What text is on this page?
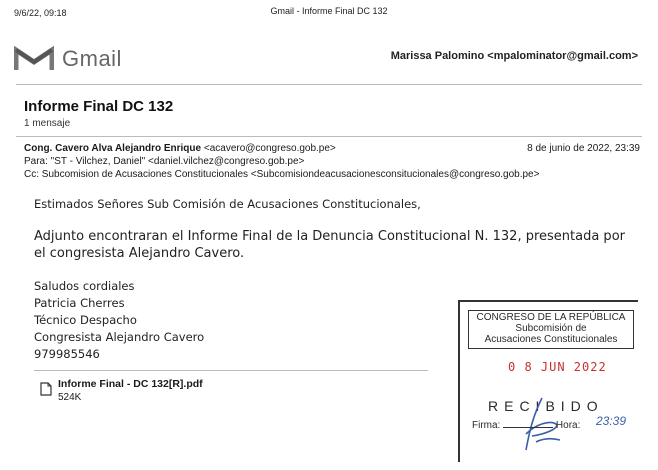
9/6/22, 09:18	Gmail - Informe Final DC 132
Gmail	Marissa Palomino <mpalominator@gmail.com>
Informe Final DC 132
1 mensaje
Cong. Cavero Alva Alejandro Enrique <acavero@congreso.gob.pe>	8 de junio de 2022, 23:39
Para: "ST - Vilchez, Daniel" <daniel.vilchez@congreso.gob.pe>
Cc: Subcomision de Acusaciones Constitucionales <Subcomisiondeacusacionesconsitucionales@congreso.gob.pe>
Estimados Señores Sub Comisión de Acusaciones Constitucionales,
Adjunto encontraran el Informe Final de la Denuncia Constitucional N. 132, presentada por el congresista Alejandro Cavero.
Saludos cordiales
Patricia Cherres
Técnico Despacho
Congresista Alejandro Cavero
979985546
Informe Final - DC 132[R].pdf
524K
CONGRESO DE LA REPÚBLICA
Subcomisión de
Acusaciones Constitucionales
0 8 JUN 2022
RECIBIDO
Firma:	Hora:	23:39
